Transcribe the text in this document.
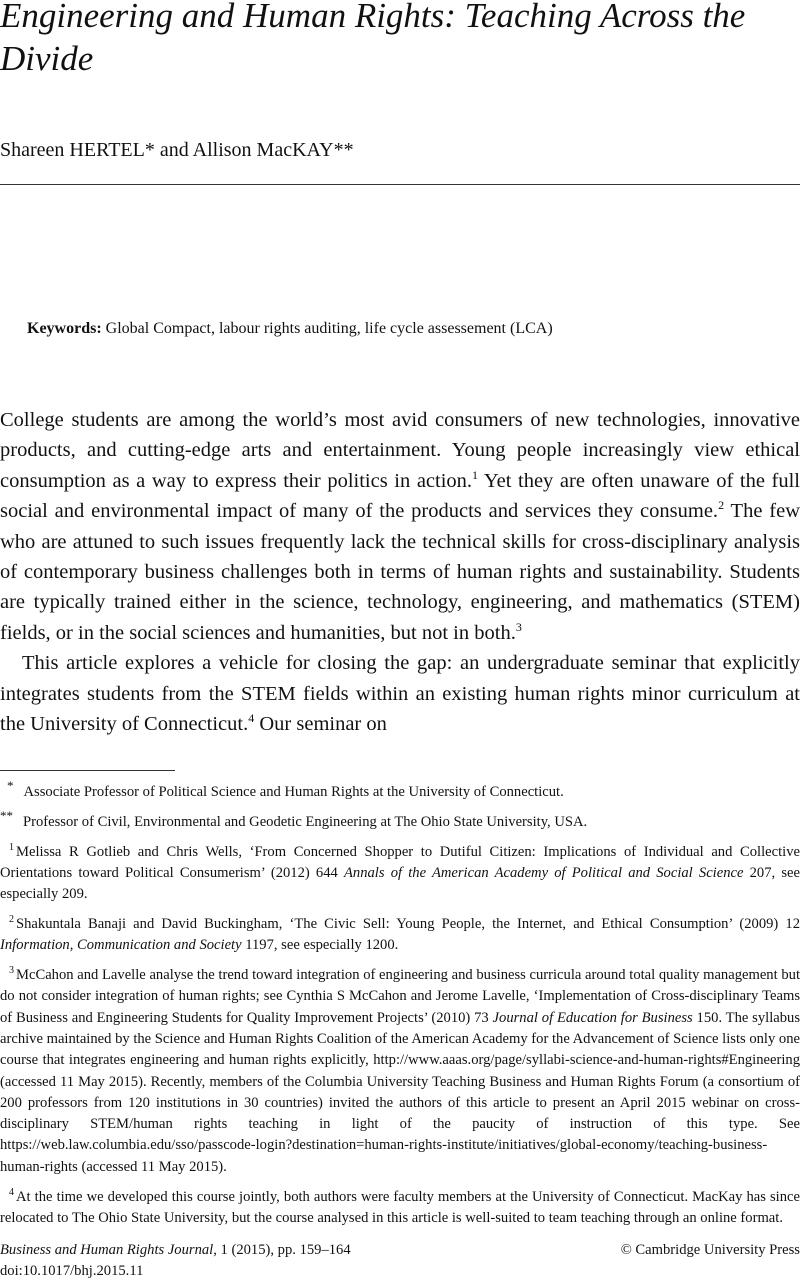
Engineering and Human Rights: Teaching Across the Divide
Shareen HERTEL* and Allison MacKAY**
Keywords: Global Compact, labour rights auditing, life cycle assessement (LCA)

College students are among the world’s most avid consumers of new technologies, innovative products, and cutting-edge arts and entertainment. Young people increasingly view ethical consumption as a way to express their politics in action.$^1$ Yet they are often unaware of the full social and environmental impact of many of the products and services they consume.$^2$ The few who are attuned to such issues frequently lack the technical skills for cross-disciplinary analysis of contemporary business challenges both in terms of human rights and sustainability. Students are typically trained either in the science, technology, engineering, and mathematics (STEM) fields, or in the social sciences and humanities, but not in both.$^3$

This article explores a vehicle for closing the gap: an undergraduate seminar that explicitly integrates students from the STEM fields within an existing human rights minor curriculum at the University of Connecticut.$^4$ Our seminar on

* Associate Professor of Political Science and Human Rights at the University of Connecticut.

** Professor of Civil, Environmental and Geodetic Engineering at The Ohio State University, USA.

$^1$ Melissa R Gotlieb and Chris Wells, ‘From Concerned Shopper to Dutiful Citizen: Implications of Individual and Collective Orientations toward Political Consumerism’ (2012) 644 Annals of the American Academy of Political and Social Science 207, see especially 209.

$^2$ Shakuntala Banaji and David Buckingham, ‘The Civic Sell: Young People, the Internet, and Ethical Consumption’ (2009) 12 Information, Communication and Society 1197, see especially 1200.

$^3$ McCahon and Lavelle analyse the trend toward integration of engineering and business curricula around total quality management but do not consider integration of human rights; see Cynthia S McCahon and Jerome Lavelle, ‘Implementation of Cross-disciplinary Teams of Business and Engineering Students for Quality Improvement Projects’ (2010) 73 Journal of Education for Business 150. The syllabus archive maintained by the Science and Human Rights Coalition of the American Academy for the Advancement of Science lists only one course that integrates engineering and human rights explicitly, http://www.aaas.org/page/syllabi-science-and-human-rights#Engineering (accessed 11 May 2015). Recently, members of the Columbia University Teaching Business and Human Rights Forum (a consortium of 200 professors from 120 institutions in 30 countries) invited the authors of this article to present an April 2015 webinar on cross-disciplinary STEM/human rights teaching in light of the paucity of instruction of this type. See https://web.law.columbia.edu/sso/passcode-login?destination=human-rights-institute/initiatives/global-economy/teaching-business-human-rights (accessed 11 May 2015).

$^4$ At the time we developed this course jointly, both authors were faculty members at the University of Connecticut. MacKay has since relocated to The Ohio State University, but the course analysed in this article is well-suited to team teaching through an online format.

Business and Human Rights Journal, 1 (2015), pp. 159–164
doi:10.1017/bhj.2015.11
© Cambridge University Press
